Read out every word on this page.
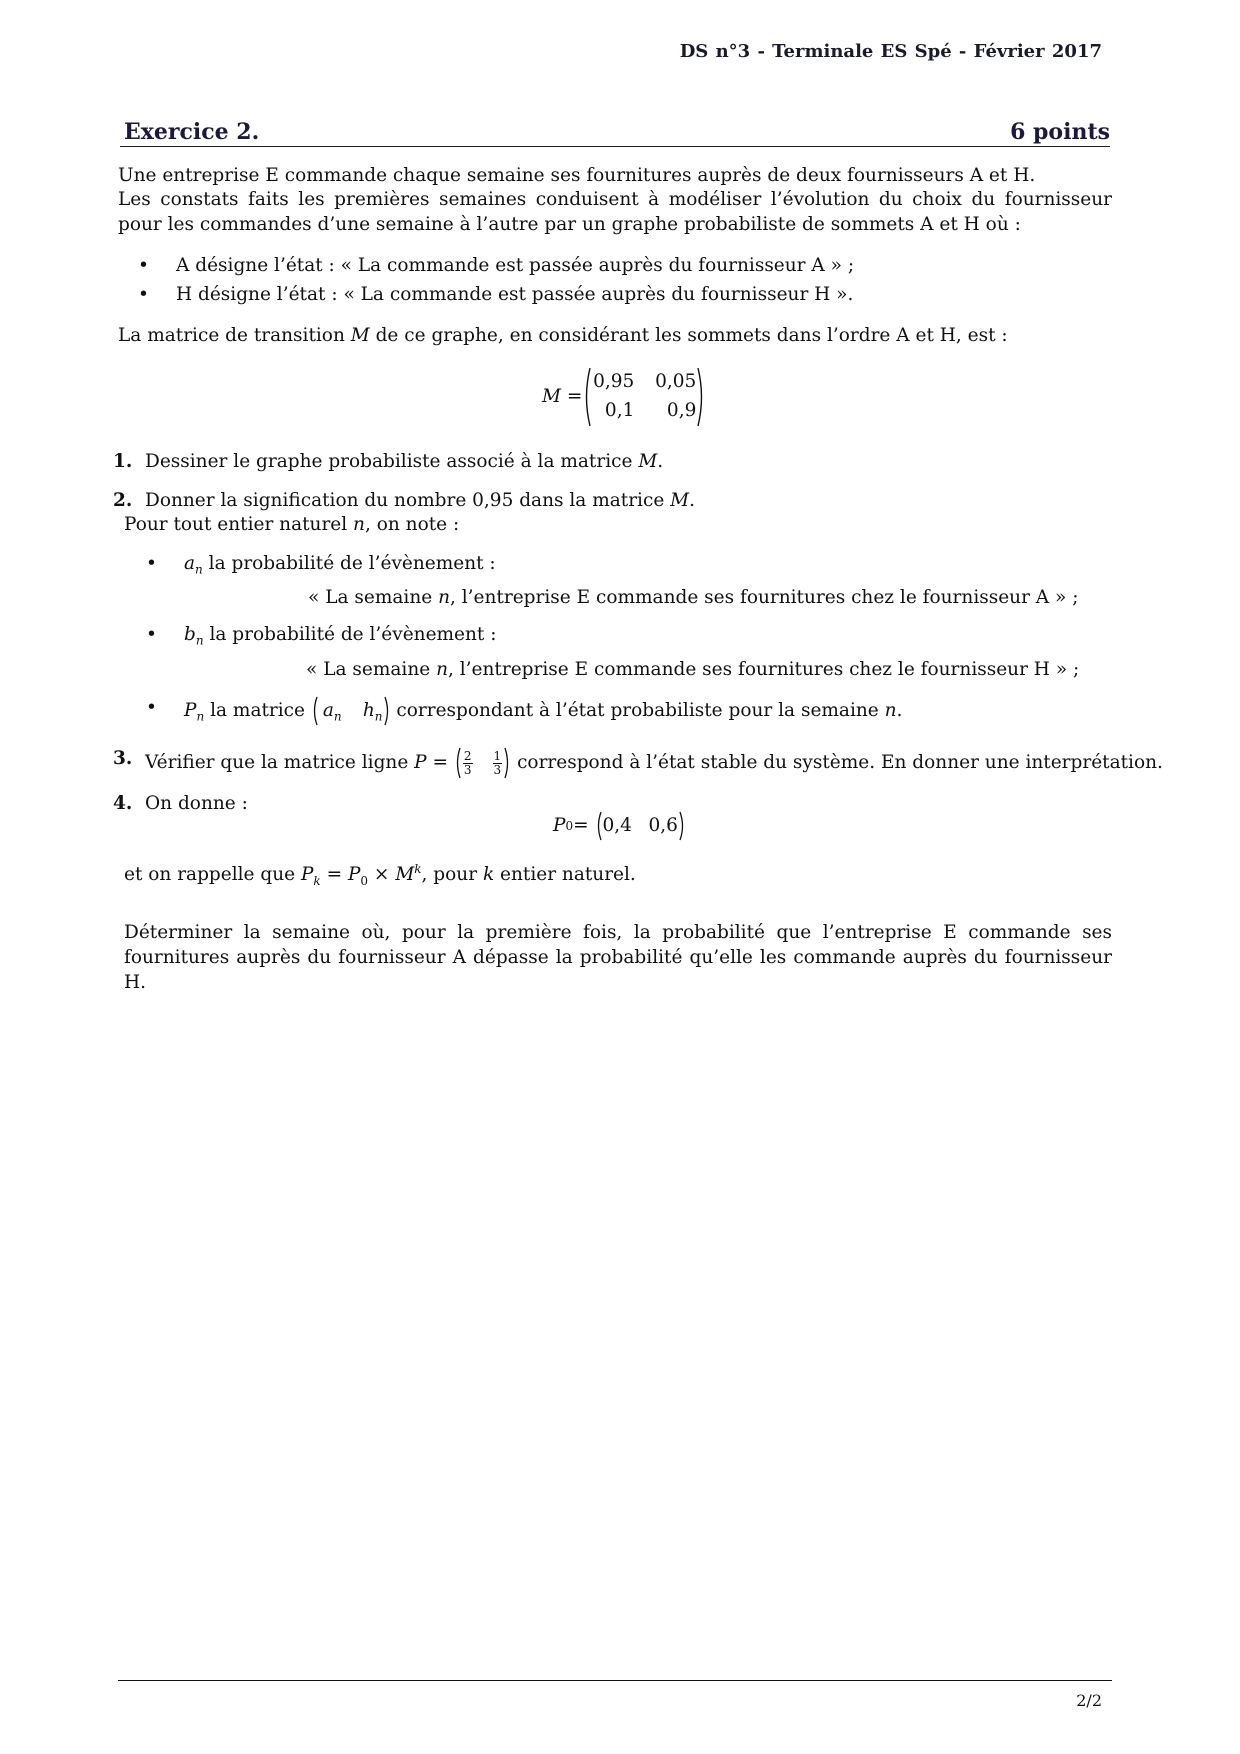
DS n°3 - Terminale ES Spé - Février 2017
Exercice 2.	6 points
Une entreprise E commande chaque semaine ses fournitures auprès de deux fournisseurs A et H.
Les constats faits les premières semaines conduisent à modéliser l’évolution du choix du fournisseur pour les commandes d’une semaine à l’autre par un graphe probabiliste de sommets A et H où :
• A désigne l’état : « La commande est passée auprès du fournisseur A » ;
• H désigne l’état : « La commande est passée auprès du fournisseur H ».
La matrice de transition M de ce graphe, en considérant les sommets dans l’ordre A et H, est :
M =
0,95	0,05
0,1	0,9
1. Dessiner le graphe probabiliste associé à la matrice M.
2. Donner la signification du nombre 0,95 dans la matrice M.
Pour tout entier naturel n, on note :
• $a_n$ la probabilité de l’évènement :
« La semaine n, l’entreprise E commande ses fournitures chez le fournisseur A » ;
• $b_n$ la probabilité de l’évènement :
« La semaine n, l’entreprise E commande ses fournitures chez le fournisseur H » ;
• $P_n$ la matrice $a_n$ $h_n$ correspondant à l’état probabiliste pour la semaine n.
3. Vérifier que la matrice ligne $P = \frac{2}{3} \frac{1}{3}$ correspond à l’état stable du système. En donner une interprétation.
4. On donne :
P 0 =
0,4 0,6
et on rappelle que $P_k = P_0 \times M^k$, pour k entier naturel.
Déterminer la semaine où, pour la première fois, la probabilité que l’entreprise E commande ses fournitures auprès du fournisseur A dépasse la probabilité qu’elle les commande auprès du fournisseur H.
2/2
